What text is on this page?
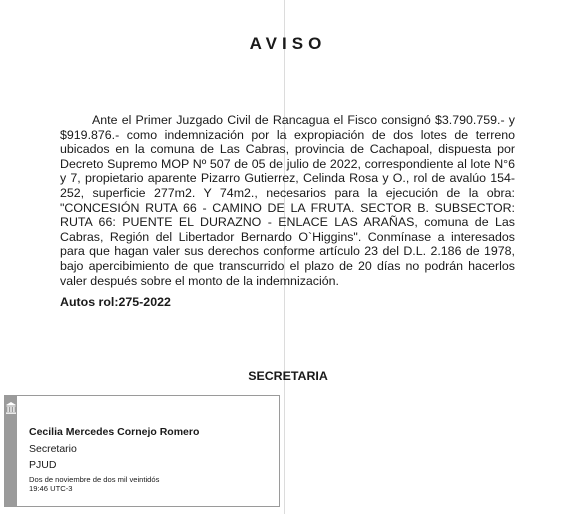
AVISO

Ante el Primer Juzgado Civil de Rancagua el Fisco consignó $3.790.759.- y $919.876.- como indemnización por la expropiación de dos lotes de terreno ubicados en la comuna de Las Cabras, provincia de Cachapoal, dispuesta por Decreto Supremo MOP Nº 507 de 05 de julio de 2022, correspondiente al lote N°6 y 7, propietario aparente Pizarro Gutierrez, Celinda Rosa y O., rol de avalúo 154-252, superficie 277m2. Y 74m2., necesarios para la ejecución de la obra: "CONCESIÓN RUTA 66 - CAMINO DE LA FRUTA. SECTOR B. SUBSECTOR: RUTA 66: PUENTE EL DURAZNO - ENLACE LAS ARAÑAS, comuna de Las Cabras, Región del Libertador Bernardo O`Higgins". Conmínase a interesados para que hagan valer sus derechos conforme artículo 23 del D.L. 2.186 de 1978, bajo apercibimiento de que transcurrido el plazo de 20 días no podrán hacerlos valer después sobre el monto de la indemnización.

Autos rol:275-2022

SECRETARIA
Cecilia Mercedes Cornejo Romero
Secretario
PJUD
Dos de noviembre de dos mil veintidós
19:46 UTC-3
